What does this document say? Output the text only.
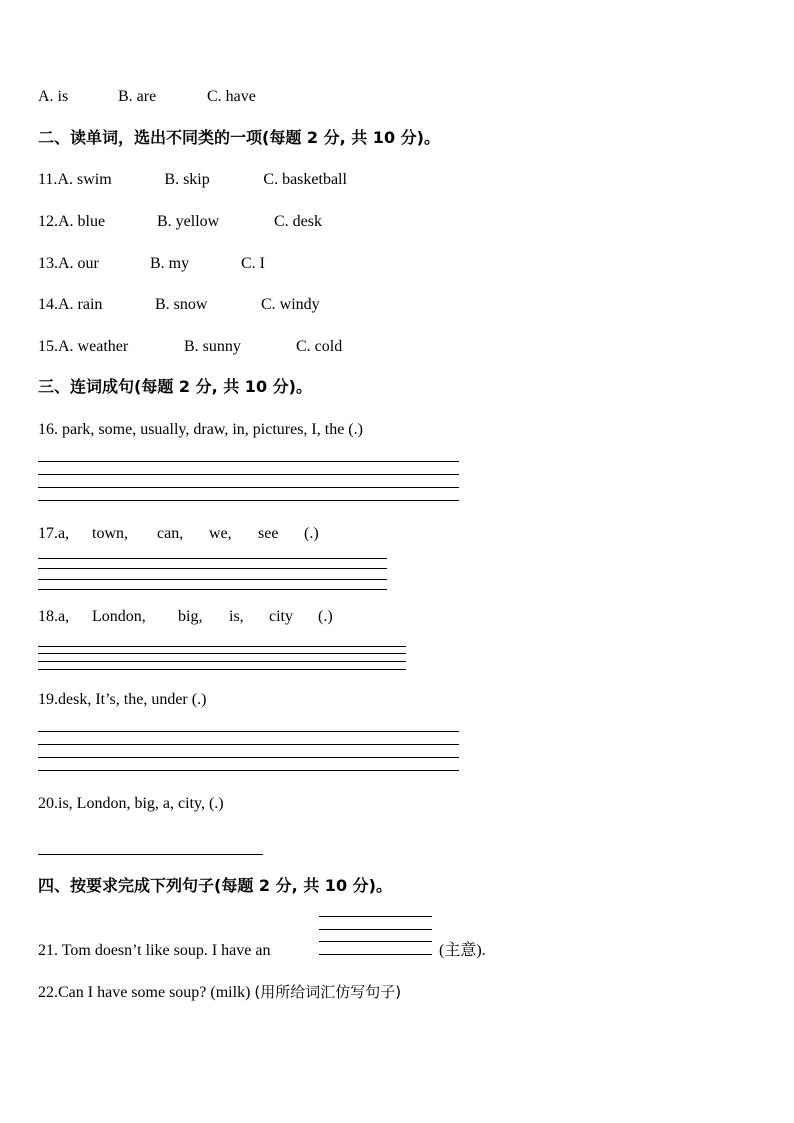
A. is	B. are	C. have
二、读单词，选出不同类的一项(每题 2 分, 共 10 分)。
11.A. swim	B. skip	C. basketball
12.A. blue	B. yellow	C. desk
13.A. our	B. my	C. I
14.A. rain	B. snow	C. windy
15.A. weather	B. sunny	C. cold
三、连词成句(每题 2 分, 共 10 分)。
16. park, some, usually, draw, in, pictures, I, the (.)
17.a, town, can, we, see (.)
18.a, London, big, is, city (.)
19.desk, It’s, the, under (.)
20.is, London, big, a, city, (.)
四、按要求完成下列句子(每题 2 分, 共 10 分)。
21. Tom doesn’t like soup. I have an	(主意).
22.Can I have some soup? (milk) (用所给词汇仿写句子)
